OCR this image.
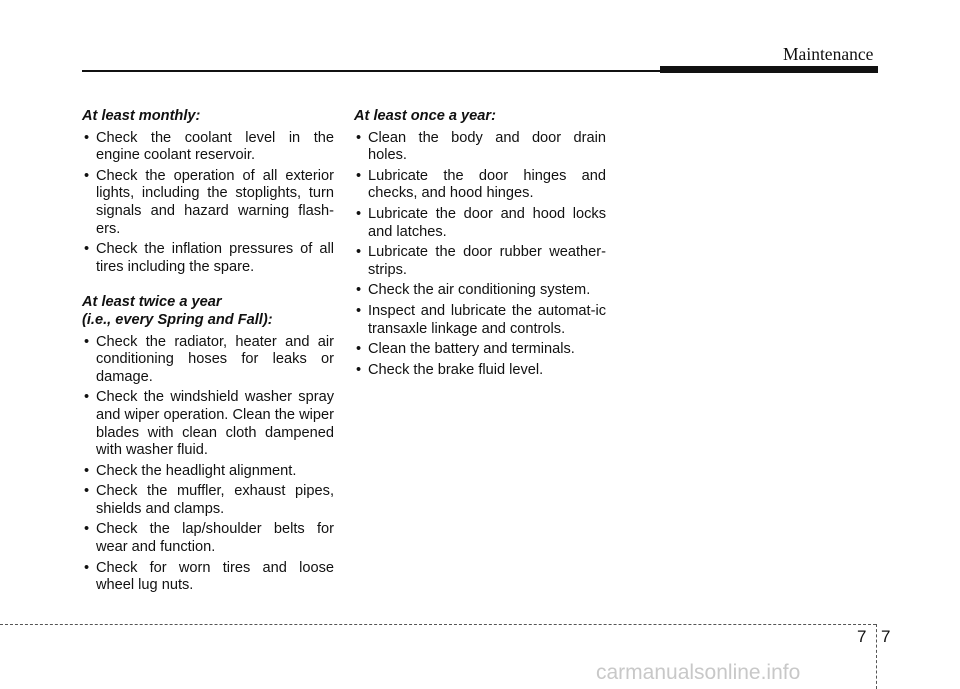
Maintenance
At least monthly:
• Check the coolant level in the engine coolant reservoir.
• Check the operation of all exterior lights, including the stoplights, turn signals and hazard warning flash-ers.
• Check the inflation pressures of all tires including the spare.
At least twice a year
(i.e., every Spring and Fall):
• Check the radiator, heater and air conditioning hoses for leaks or damage.
• Check the windshield washer spray and wiper operation. Clean the wiper blades with clean cloth dampened with washer fluid.
• Check the headlight alignment.
• Check the muffler, exhaust pipes, shields and clamps.
• Check the lap/shoulder belts for wear and function.
• Check for worn tires and loose wheel lug nuts.
At least once a year:
• Clean the body and door drain holes.
• Lubricate the door hinges and checks, and hood hinges.
• Lubricate the door and hood locks and latches.
• Lubricate the door rubber weather-strips.
• Check the air conditioning system.
• Inspect and lubricate the automat-ic transaxle linkage and controls.
• Clean the battery and terminals.
• Check the brake fluid level.
7 7
carmanualsonline.info
